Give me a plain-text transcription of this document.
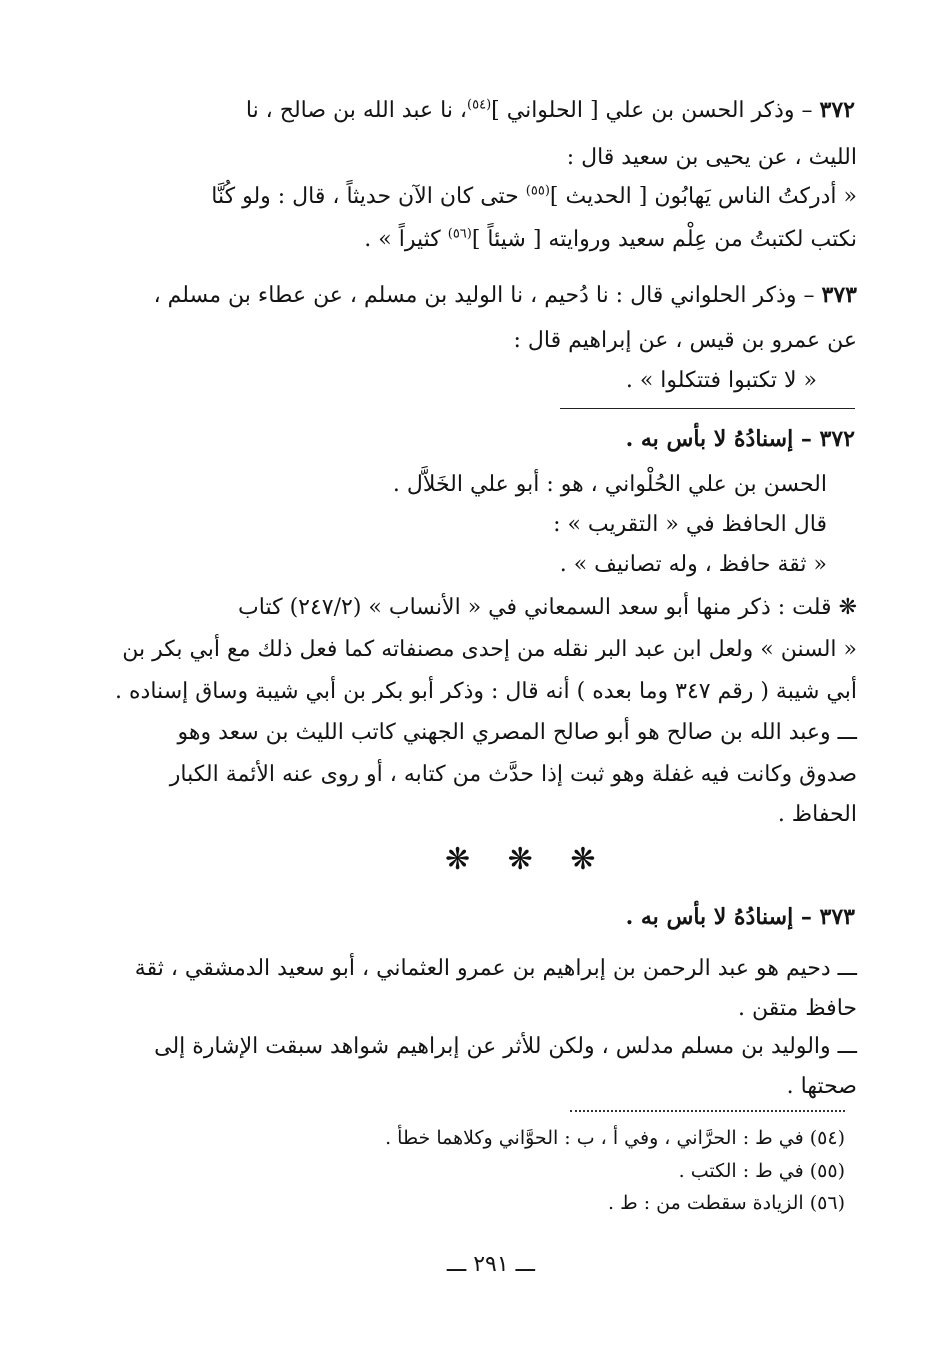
٣٧٢ – وذكر الحسن بن علي [ الحلواني ]$^{(٥٤)}$، نا عبد الله بن صالح ، نا
الليث ، عن يحيى بن سعيد قال :
« أدركتُ الناس يَهابُون [ الحديث ]$^{(٥٥)}$ حتى كان الآن حديثاً ، قال : ولو كُنَّا
نكتب لكتبتُ من عِلْم سعيد وروايته [ شيئاً ]$^{(٥٦)}$ كثيراً » .
٣٧٣ – وذكر الحلواني قال : نا دُحيم ، نا الوليد بن مسلم ، عن عطاء بن مسلم ،
عن عمرو بن قيس ، عن إبراهيم قال :
« لا تكتبوا فتتكلوا » .
٣٧٢ – إسنادُهُ لا بأس به .
الحسن بن علي الحُلْواني ، هو : أبو علي الخَلاَّل .
قال الحافظ في « التقريب » :
« ثقة حافظ ، وله تصانيف » .
❋ قلت : ذكر منها أبو سعد السمعاني في « الأنساب » (٢٤٧/٢) كتاب
« السنن » ولعل ابن عبد البر نقله من إحدى مصنفاته كما فعل ذلك مع أبي بكر بن
أبي شيبة ( رقم ٣٤٧ وما بعده ) أنه قال : وذكر أبو بكر بن أبي شيبة وساق إسناده .
ـــ وعبد الله بن صالح هو أبو صالح المصري الجهني كاتب الليث بن سعد وهو
صدوق وكانت فيه غفلة وهو ثبت إذا حدَّث من كتابه ، أو روى عنه الأئمة الكبار
الحفاظ .
❋ ❋ ❋
٣٧٣ – إسنادُهُ لا بأس به .
ـــ دحيم هو عبد الرحمن بن إبراهيم بن عمرو العثماني ، أبو سعيد الدمشقي ، ثقة
حافظ متقن .
ـــ والوليد بن مسلم مدلس ، ولكن للأثر عن إبراهيم شواهد سبقت الإشارة إلى
صحتها .
(٥٤) في ط : الحرَّاني ، وفي أ ، ب : الحوَّاني وكلاهما خطأ .
(٥٥) في ط : الكتب .
(٥٦) الزيادة سقطت من : ط .
ـــ ٢٩١ ـــ
